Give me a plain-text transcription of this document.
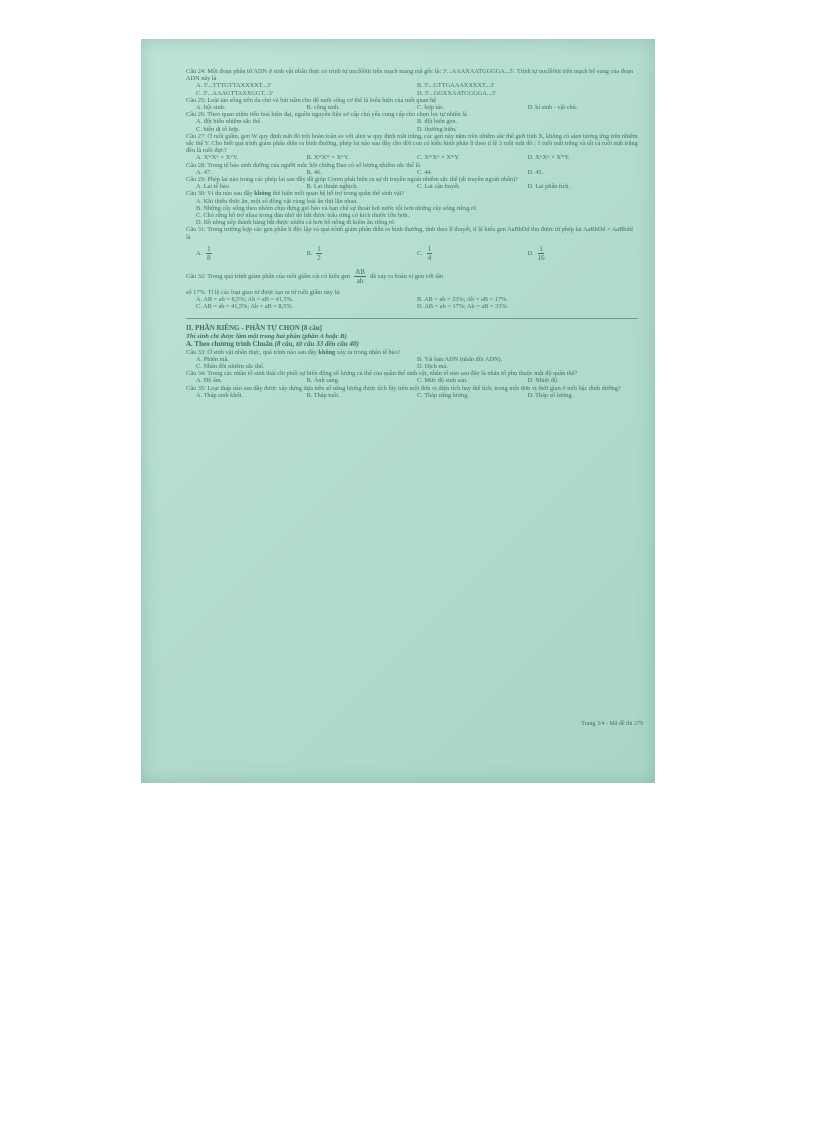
Câu 24: Một đoạn phân tử ADN ở sinh vật nhân thực có trình tự nuclêôtit trên mạch mang mã gốc là: 3'...AAAXAATGGGGA...5'. Trình tự nuclêôtit trên mạch bổ sung của đoạn ADN này là

A. 5'...TTTGTTAXXXXT...3'	B. 5'...GTTGAAAXXXXT...3'
C. 5'...AAAGTTAXXGGT...3'	D. 5'...GGXXAATGGGGA...3'

Câu 25: Loài tảo sống trên da chó và bút nấm cho để nuôi sống cơ thể là biểu hiện của mối quan hệ

A. hội sinh.	B. cộng sinh.	C. hợp tác.	D. kí sinh - vật chủ.

Câu 26: Theo quan niệm tiến hoá hiện đại, nguồn nguyên liệu sơ cấp chủ yếu cung cấp cho chọn lọc tự nhiên là

A. đột biến nhiễm sắc thể.	B. đột biến gen.
C. biến dị tổ hợp.	D. thường biến.

Câu 27: Ở ruồi giấm, gen W quy định mắt đỏ trội hoàn toàn so với alen w quy định mắt trắng, các gen này nằm trên nhiễm sắc thể giới tính X, không có alen tương ứng trên nhiễm sắc thể Y. Cho biết quá trình giảm phân diễn ra bình thường, phép lai nào sau đây cho đời con có kiểu hình phân li theo tỉ lệ 3 ruồi mắt đỏ : 1 ruồi mắt trắng và tất cả ruồi mắt trắng đều là ruồi đực?

A. XᵂXʷ × XʷY.	B. XᵂXᵂ × XʷY.	C. XᵂXʷ × XᵂY.	D. XʷXʷ × XᵂY.

Câu 28: Trong tế bào sinh dưỡng của người mắc hội chứng Đao có số lượng nhiễm sắc thể là

A. 47.	B. 46.	C. 44.	D. 45.

Câu 29: Phép lai nào trong các phép lai sau đây đã giúp Coren phát hiện ra sự di truyền ngoài nhiễm sắc thể (di truyền ngoài nhân)?

A. Lai tế bào.	B. Lai thuận nghịch.	C. Lai cận huyết.	D. Lai phân tích.

Câu 30: Ví dụ nào sau đây không thể hiện mối quan hệ hỗ trợ trong quần thể sinh vật?

A. Khi thiếu thức ăn, một số động vật cùng loài ăn thịt lẫn nhau.
B. Những cây sống theo nhóm chịu đựng gió bão và hạn chế sự thoát hơi nước tốt hơn những cây sống riêng rẽ.
C. Chó rừng hỗ trợ nhau trong đàn nhờ đó bắt được trâu rừng có kích thước lớn hơn.
D. Bồ nông xếp thành hàng bắt được nhiều cá hơn bồ nông đi kiếm ăn riêng rẽ.

Câu 31: Trong trường hợp các gen phân li độc lập và quá trình giảm phân diễn ra bình thường, tính theo lí thuyết, tỉ lệ kiểu gen AaBbDd thu được từ phép lai AaBbDd × AaBbdd là

A. $\frac{1}{8}$	B. $\frac{1}{2}$	C. $\frac{1}{4}$	D. $\frac{1}{16}$

Câu 32: Trong quá trình giảm phân của ruồi giấm cái có kiểu gen $\frac{AB}{ab}$ đã xảy ra hoán vị gen với tần

số 17%. Tỉ lệ các loại giao tử được tạo ra từ ruồi giấm này là:

A. AB = ab = 8,5%; Ab = aB = 41,5%.	B. AB = ab = 33%; Ab = aB = 17%.
C. AB = ab = 41,5%; Ab = aB = 8,5%.	D. AB = ab = 17%; Ab = aB = 33%.

II. PHẦN RIÊNG - PHẦN TỰ CHỌN [8 câu]

Thí sinh chỉ được làm một trong hai phần (phần A hoặc B)

A. Theo chương trình Chuẩn (8 câu, từ câu 33 đến câu 40)

Câu 33: Ở sinh vật nhân thực, quá trình nào sau đây không xảy ra trong nhân tế bào?

A. Phiên mã.	B. Tái bản ADN (nhân đôi ADN).
C. Nhân đôi nhiễm sắc thể.	D. Dịch mã.

Câu 34: Trong các nhân tố sinh thái chi phối sự biến động số lượng cá thể của quần thể sinh vật, nhân tố nào sau đây là nhân tố phụ thuộc mật độ quần thể?

A. Độ ẩm.	B. Ánh sáng.	C. Mức độ sinh sản.	D. Nhiệt độ.

Câu 35: Loại tháp nào sau đây được xây dựng dựa trên số năng lượng được tích lũy trên một đơn vị diện tích hay thể tích, trong một đơn vị thời gian ở mỗi bậc dinh dưỡng?

A. Tháp sinh khối.	B. Tháp tuổi.	C. Tháp năng lượng.	D. Tháp số lượng.
Trang 3/4 - Mã đề thi 279
